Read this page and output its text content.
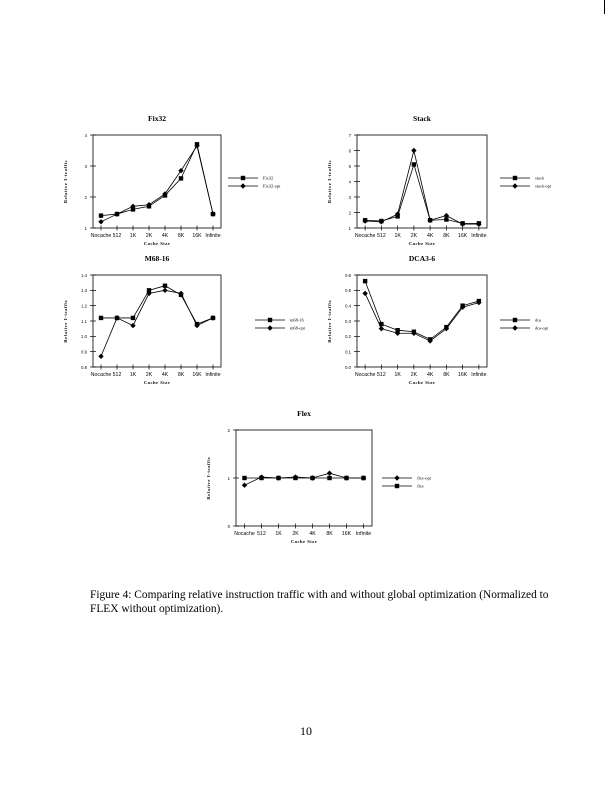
Fix32
1
2
3
4
Nocache 512 1K 2K 4K 8K 16K Infinite
Cache Size
Relative I-traffic	Fix32
Fix32-opt
Stack
1
2
3
4
5
6
7
Nocache 512 1K 2K 4K 8K 16K Infinite
Cache Size
Relative I-traffic	stack
stack-opt
M68-16
0.8
0.9
1.0
1.1
1.2
1.3
1.4
Nocache 512 1K 2K 4K 8K 16K Infinite
Cache Size
Relative I-traffic	m68-16
m68-opt
DCA3-6
0.0
0.1
0.2
0.3
0.4
0.5
0.6
Nocache 512 1K 2K 4K 8K 16K Infinite
Cache Size
Relative I-traffic	dca
dca-opt
Flex
0
1
2
Nocache 512 1K 2K 4K 8K 16K Infinite
Cache Size
Relative I-traffic	flex-opt
flex
Figure 4: Comparing relative instruction traffic with and without global optimization (Normalized to FLEX without optimization).
10
